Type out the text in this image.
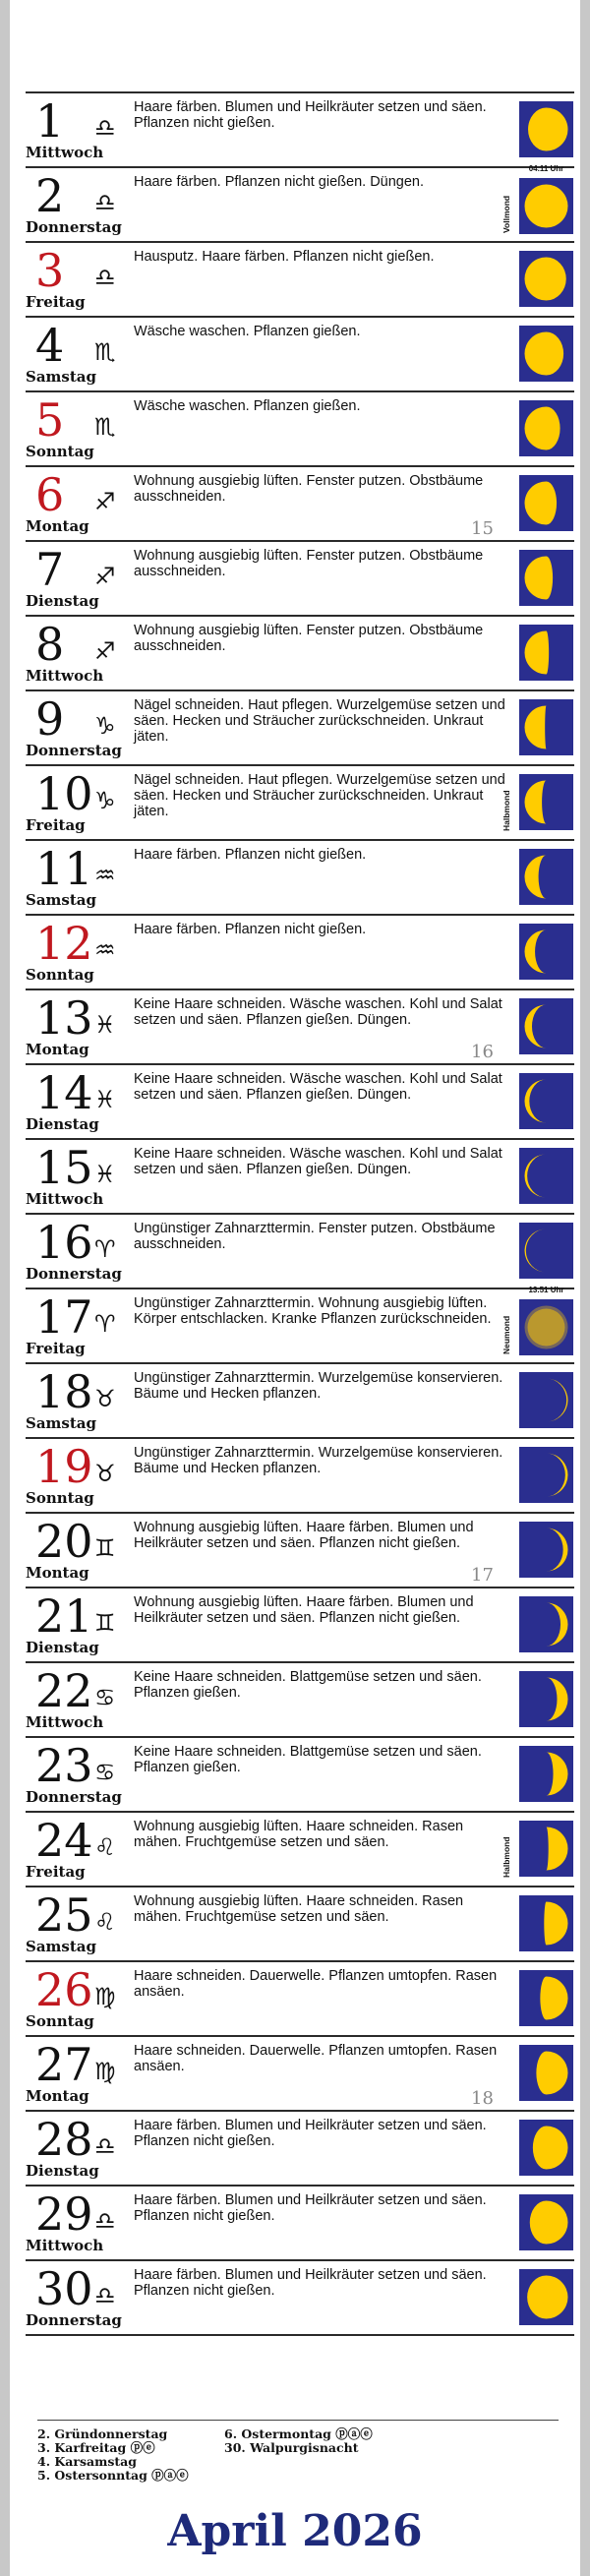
1
Mittwoch
♎
Haare färben. Blumen und Heilkräuter setzen und säen. Pflanzen nicht gießen.
2
Donnerstag
♎
Haare färben. Pflanzen nicht gießen. Düngen.
Vollmond
04.11 Uhr
3
Freitag
♎
Hausputz. Haare färben. Pflanzen nicht gießen.
4
Samstag
♏
Wäsche waschen. Pflanzen gießen.
5
Sonntag
♏
Wäsche waschen. Pflanzen gießen.
6
Montag
♐
Wohnung ausgiebig lüften. Fenster putzen. Obstbäume ausschneiden.
15
7
Dienstag
♐
Wohnung ausgiebig lüften. Fenster putzen. Obstbäume ausschneiden.
8
Mittwoch
♐
Wohnung ausgiebig lüften. Fenster putzen. Obstbäume ausschneiden.
9
Donnerstag
♑
Nägel schneiden. Haut pflegen. Wurzelgemüse setzen und säen. Hecken und Sträucher zurückschneiden. Unkraut jäten.
10
Freitag
♑
Nägel schneiden. Haut pflegen. Wurzelgemüse setzen und säen. Hecken und Sträucher zurückschneiden. Unkraut jäten.	Halbmond
11
Samstag
♒
Haare färben. Pflanzen nicht gießen.
12
Sonntag
♒
Haare färben. Pflanzen nicht gießen.
13
Montag
♓
Keine Haare schneiden. Wäsche waschen. Kohl und Salat setzen und säen. Pflanzen gießen. Düngen.
16
14
Dienstag
♓
Keine Haare schneiden. Wäsche waschen. Kohl und Salat setzen und säen. Pflanzen gießen. Düngen.
15
Mittwoch
♓
Keine Haare schneiden. Wäsche waschen. Kohl und Salat setzen und säen. Pflanzen gießen. Düngen.
16
Donnerstag
♈
Ungünstiger Zahnarzttermin. Fenster putzen. Obstbäume ausschneiden.
17
Freitag
♈
Ungünstiger Zahnarzttermin. Wohnung ausgiebig lüften. Körper entschlacken. Kranke Pflanzen zurückschneiden.	Neumond
13.51 Uhr
18
Samstag
♉
Ungünstiger Zahnarzttermin. Wurzelgemüse konservieren. Bäume und Hecken pflanzen.
19
Sonntag
♉
Ungünstiger Zahnarzttermin. Wurzelgemüse konservieren. Bäume und Hecken pflanzen.
20
Montag
♊
Wohnung ausgiebig lüften. Haare färben. Blumen und Heilkräuter setzen und säen. Pflanzen nicht gießen.
17
21
Dienstag
♊
Wohnung ausgiebig lüften. Haare färben. Blumen und Heilkräuter setzen und säen. Pflanzen nicht gießen.
22
Mittwoch
♋
Keine Haare schneiden. Blattgemüse setzen und säen. Pflanzen gießen.
23
Donnerstag
♋
Keine Haare schneiden. Blattgemüse setzen und säen. Pflanzen gießen.
24
Freitag
♌
Wohnung ausgiebig lüften. Haare schneiden. Rasen mähen. Fruchtgemüse setzen und säen.	Halbmond
25
Samstag
♌
Wohnung ausgiebig lüften. Haare schneiden. Rasen mähen. Fruchtgemüse setzen und säen.
26
Sonntag
♍
Haare schneiden. Dauerwelle. Pflanzen umtopfen. Rasen ansäen.
27
Montag
♍
Haare schneiden. Dauerwelle. Pflanzen umtopfen. Rasen ansäen.
18
28
Dienstag
♎
Haare färben. Blumen und Heilkräuter setzen und säen. Pflanzen nicht gießen.
29
Mittwoch
♎
Haare färben. Blumen und Heilkräuter setzen und säen. Pflanzen nicht gießen.
30
Donnerstag
♎
Haare färben. Blumen und Heilkräuter setzen und säen. Pflanzen nicht gießen.
2. Gründonnerstag
3. Karfreitag ⓟⓔ
4. Karsamstag
5. Ostersonntag ⓟⓐⓔ
6. Ostermontag ⓟⓐⓔ
30. Walpurgisnacht
April 2026
